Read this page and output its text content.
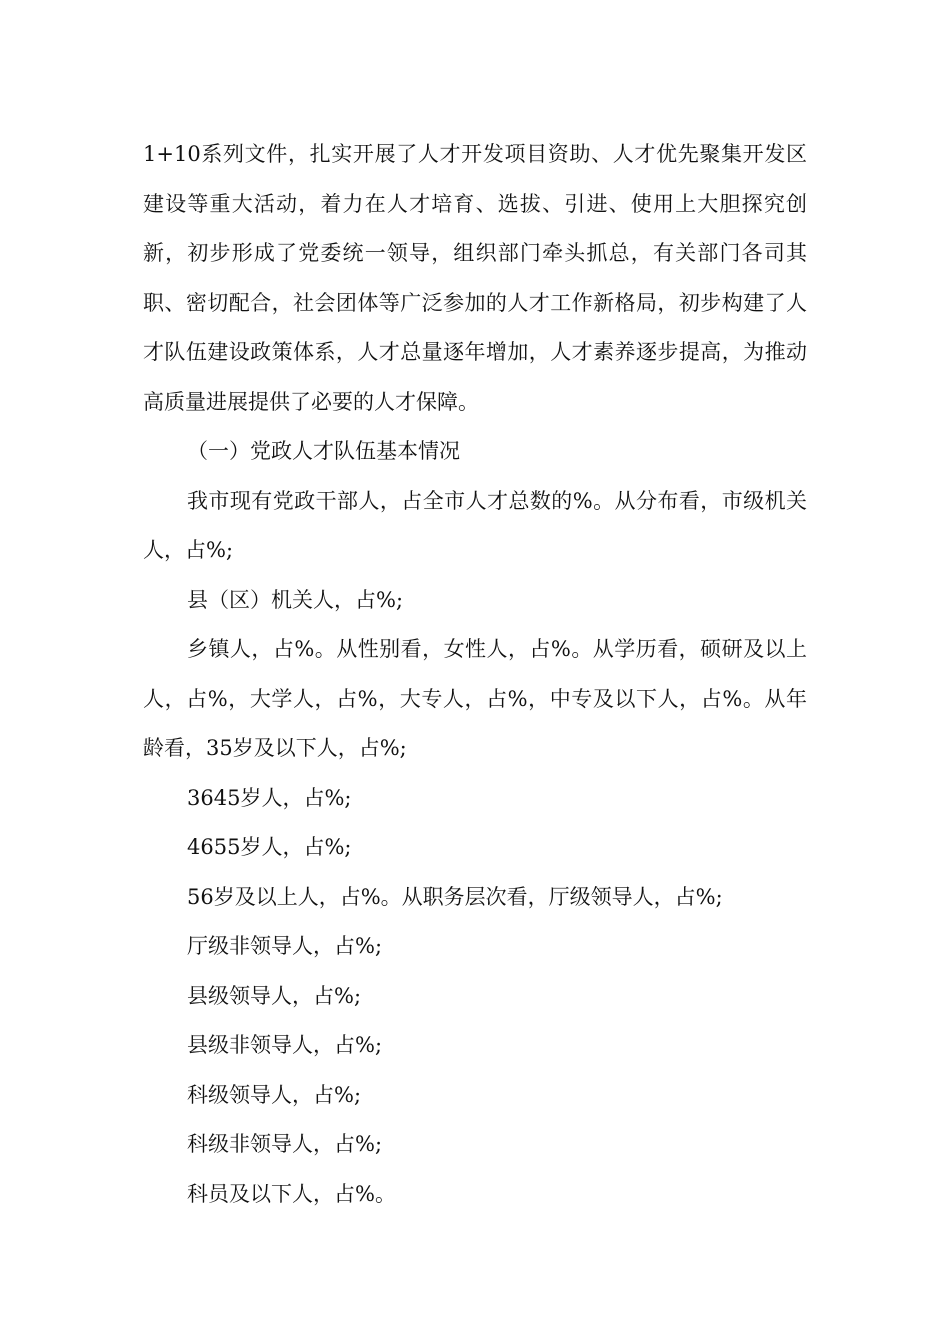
1+10系列文件，扎实开展了人才开发项目资助、人才优先聚集开发区建设等重大活动，着力在人才培育、选拔、引进、使用上大胆探究创新，初步形成了党委统一领导，组织部门牵头抓总，有关部门各司其职、密切配合，社会团体等广泛参加的人才工作新格局，初步构建了人才队伍建设政策体系，人才总量逐年增加，人才素养逐步提高，为推动高质量进展提供了必要的人才保障。

（一）党政人才队伍基本情况

我市现有党政干部人，占全市人才总数的%。从分布看，市级机关人，占%;

县（区）机关人，占%;

乡镇人，占%。从性别看，女性人，占%。从学历看，硕研及以上人，占%，大学人，占%，大专人，占%，中专及以下人，占%。从年龄看，35岁及以下人，占%;

3645岁人，占%;

4655岁人，占%;

56岁及以上人，占%。从职务层次看，厅级领导人，占%;

厅级非领导人，占%;

县级领导人，占%;

县级非领导人，占%;

科级领导人，占%;

科级非领导人，占%;

科员及以下人，占%。
